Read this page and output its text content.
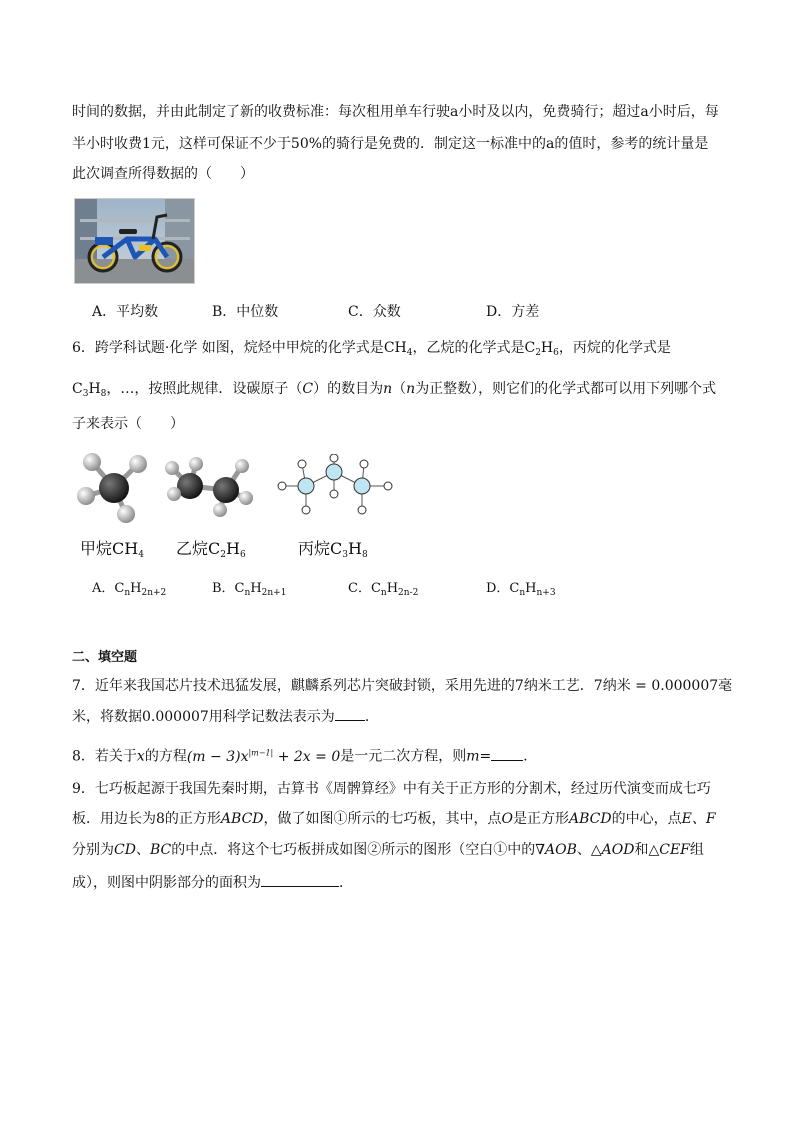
时间的数据，并由此制定了新的收费标准：每次租用单车行驶a小时及以内，免费骑行；超过a小时后，每
半小时收费1元，这样可保证不少于50%的骑行是免费的．制定这一标准中的a的值时，参考的统计量是
此次调查所得数据的（　　）
A．平均数	B．中位数	C．众数	D．方差
6．跨学科试题·化学 如图，烷烃中甲烷的化学式是$CH_4$，乙烷的化学式是$C_2H_6$，丙烷的化学式是
$C_3H_8$，…，按照此规律．设碳原子（C）的数目为n（n为正整数），则它们的化学式都可以用下列哪个式
子来表示（　　）
甲烷$CH_4$ 乙烷$C_2H_6$	丙烷$C_3H_8$
A．$C_nH_{2n+2}$	B．$C_nH_{2n+1}$	C．$C_nH_{2n-2}$	D．$C_nH_{n+3}$
二、填空题
7．近年来我国芯片技术迅猛发展，麒麟系列芯片突破封锁，采用先进的7纳米工艺．7纳米 = 0.000007毫
米，将数据0.000007用科学记数法表示为 ．
8．若关于x的方程$(m - 3)x^{|m-1|} + 2x = 0$是一元二次方程，则m= ．
9．七巧板起源于我国先秦时期，古算书《周髀算经》中有关于正方形的分割术，经过历代演变而成七巧
板．用边长为8的正方形ABCD，做了如图①所示的七巧板，其中，点O是正方形ABCD的中心，点E、F
分别为CD、BC的中点．将这个七巧板拼成如图②所示的图形（空白①中的∇AOB、△AOD和△CEF组
成），则图中阴影部分的面积为	．
